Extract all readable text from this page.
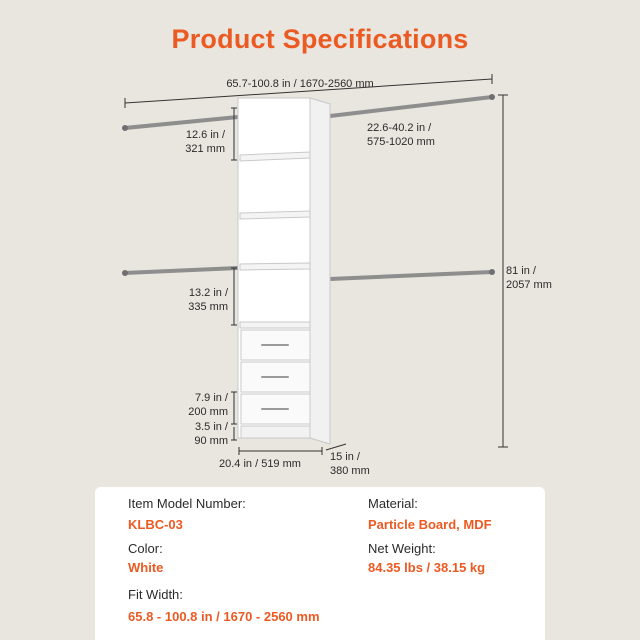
Product Specifications
65.7-100.8 in / 1670-2560 mm
12.6 in /
321 mm
22.6-40.2 in /
575-1020 mm
81 in /
2057 mm
13.2 in /
335 mm
7.9 in /
200 mm
3.5 in /
90 mm
20.4 in / 519 mm
15 in /
380 mm
Item Model Number:
KLBC-03
Color:
White
Fit Width:
65.8 - 100.8 in / 1670 - 2560 mm
Material:
Particle Board, MDF
Net Weight:
84.35 lbs / 38.15 kg
